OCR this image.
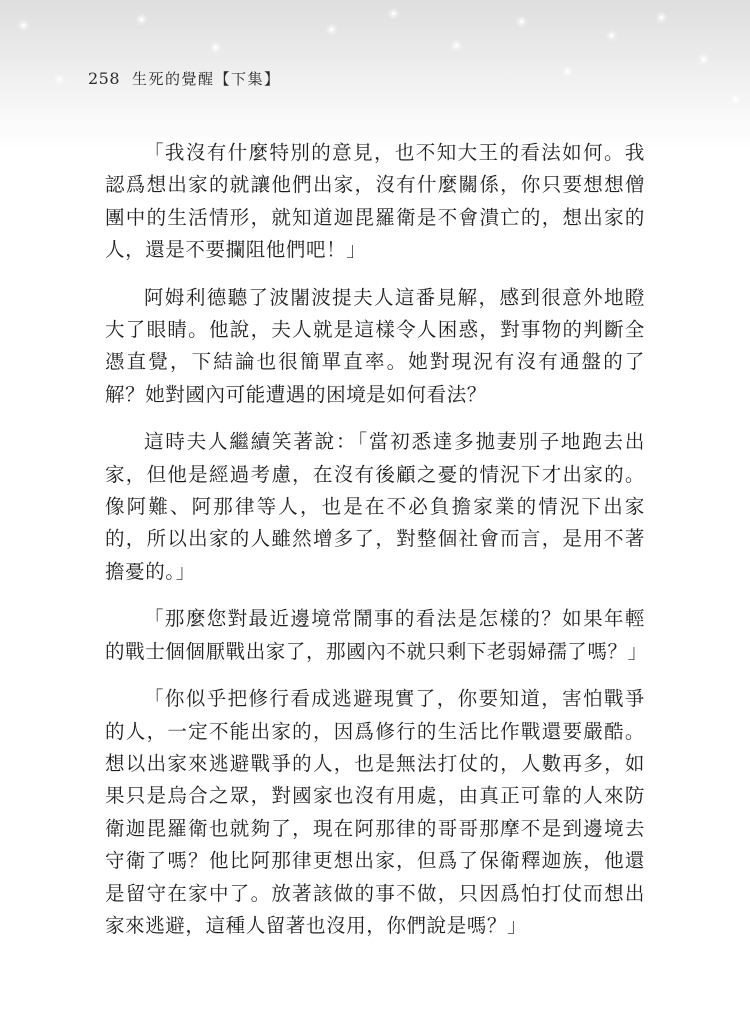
258 生死的覺醒【下集】

「我沒有什麼特別的意見，也不知大王的看法如何。我認爲想出家的就讓他們出家，沒有什麼關係，你只要想想僧團中的生活情形，就知道迦毘羅衛是不會潰亡的，想出家的人，還是不要攔阻他們吧！」

阿姆利德聽了波闍波提夫人這番見解，感到很意外地瞪大了眼睛。他說，夫人就是這樣令人困惑，對事物的判斷全憑直覺，下結論也很簡單直率。她對現況有沒有通盤的了解？她對國內可能遭遇的困境是如何看法？

這時夫人繼續笑著說：「當初悉達多拋妻別子地跑去出家，但他是經過考慮，在沒有後顧之憂的情況下才出家的。像阿難、阿那律等人，也是在不必負擔家業的情況下出家的，所以出家的人雖然增多了，對整個社會而言，是用不著擔憂的。」

「那麼您對最近邊境常鬧事的看法是怎樣的？如果年輕的戰士個個厭戰出家了，那國內不就只剩下老弱婦孺了嗎？」

「你似乎把修行看成逃避現實了，你要知道，害怕戰爭的人，一定不能出家的，因爲修行的生活比作戰還要嚴酷。想以出家來逃避戰爭的人，也是無法打仗的，人數再多，如果只是烏合之眾，對國家也沒有用處，由真正可靠的人來防衛迦毘羅衛也就夠了，現在阿那律的哥哥那摩不是到邊境去守衛了嗎？他比阿那律更想出家，但爲了保衛釋迦族，他還是留守在家中了。放著該做的事不做，只因爲怕打仗而想出家來逃避，這種人留著也沒用，你們說是嗎？」
